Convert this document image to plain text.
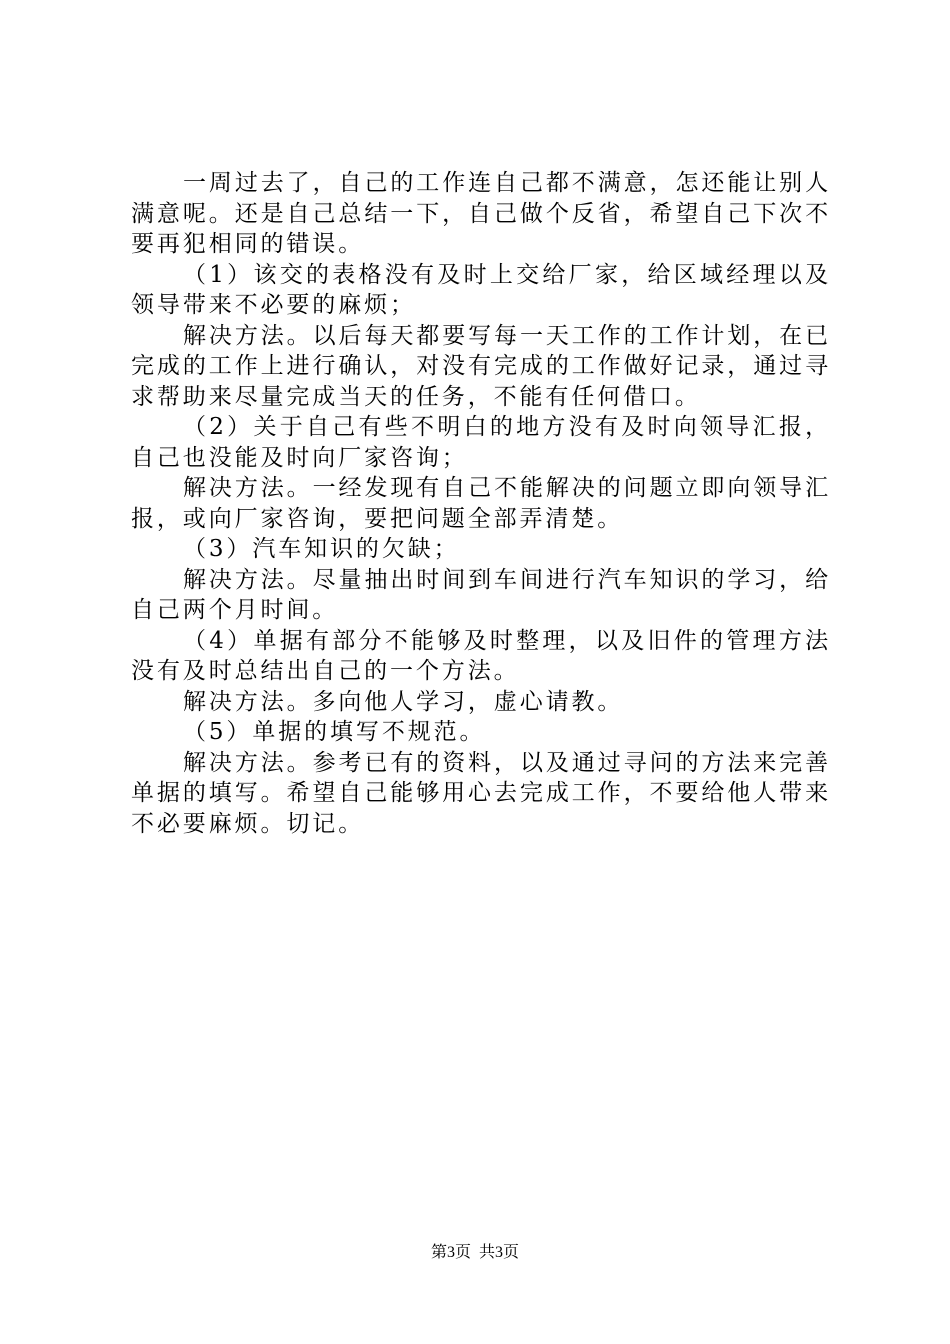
一周过去了，自己的工作连自己都不满意，怎还能让别人满意呢。还是自己总结一下，自己做个反省，希望自己下次不要再犯相同的错误。

（1）该交的表格没有及时上交给厂家，给区域经理以及领导带来不必要的麻烦；

解决方法。以后每天都要写每一天工作的工作计划，在已完成的工作上进行确认，对没有完成的工作做好记录，通过寻求帮助来尽量完成当天的任务，不能有任何借口。

（2）关于自己有些不明白的地方没有及时向领导汇报，自己也没能及时向厂家咨询；

解决方法。一经发现有自己不能解决的问题立即向领导汇报，或向厂家咨询，要把问题全部弄清楚。

（3）汽车知识的欠缺；

解决方法。尽量抽出时间到车间进行汽车知识的学习，给自己两个月时间。

（4）单据有部分不能够及时整理，以及旧件的管理方法没有及时总结出自己的一个方法。

解决方法。多向他人学习，虚心请教。

（5）单据的填写不规范。

解决方法。参考已有的资料，以及通过寻问的方法来完善单据的填写。希望自己能够用心去完成工作，不要给他人带来不必要麻烦。切记。

第3页 共3页
